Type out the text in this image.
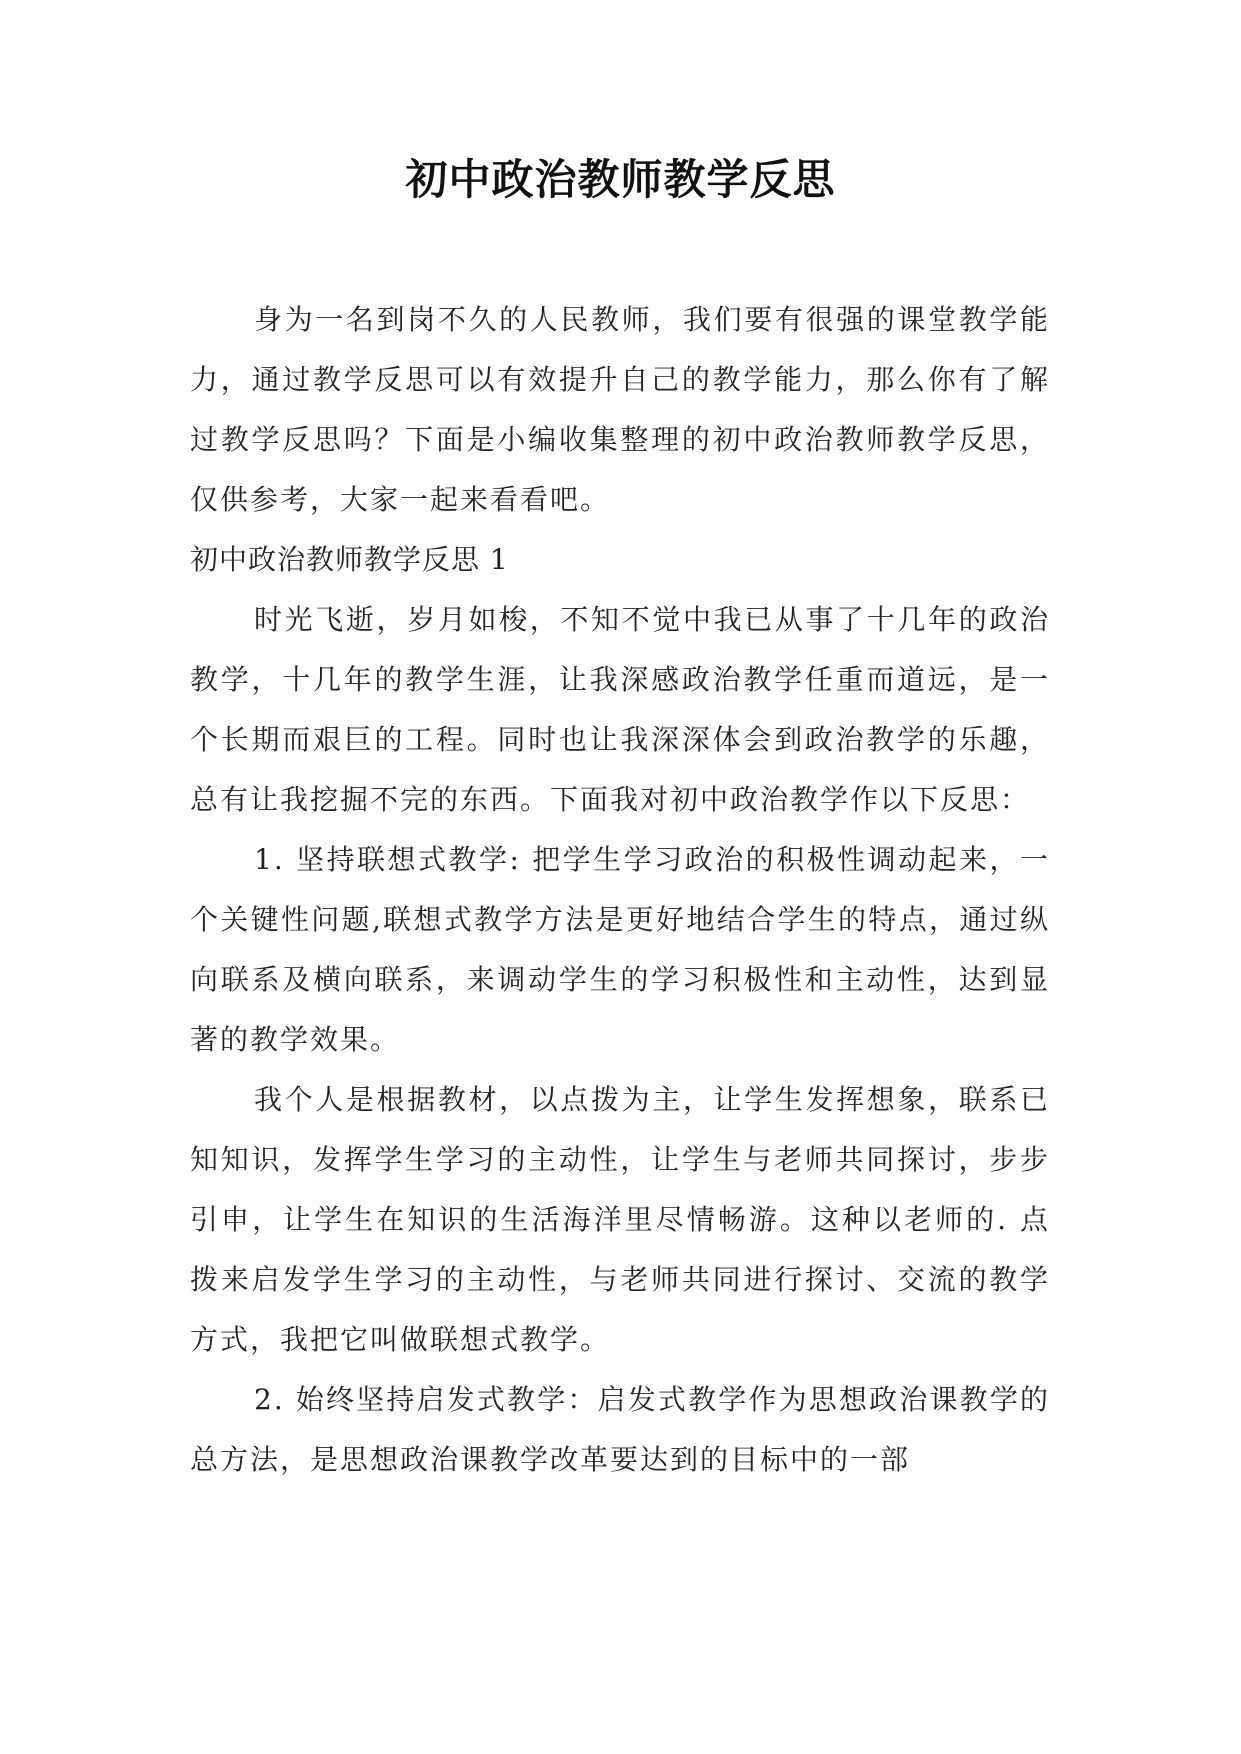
初中政治教师教学反思

身为一名到岗不久的人民教师，我们要有很强的课堂教学能力，通过教学反思可以有效提升自己的教学能力，那么你有了解过教学反思吗？下面是小编收集整理的初中政治教师教学反思，仅供参考，大家一起来看看吧。

初中政治教师教学反思 1

时光飞逝，岁月如梭，不知不觉中我已从事了十几年的政治教学，十几年的教学生涯，让我深感政治教学任重而道远，是一个长期而艰巨的工程。同时也让我深深体会到政治教学的乐趣，总有让我挖掘不完的东西。下面我对初中政治教学作以下反思：

1. 坚持联想式教学: 把学生学习政治的积极性调动起来，一个关键性问题,联想式教学方法是更好地结合学生的特点，通过纵向联系及横向联系，来调动学生的学习积极性和主动性，达到显著的教学效果。

我个人是根据教材，以点拨为主，让学生发挥想象，联系已知知识，发挥学生学习的主动性，让学生与老师共同探讨，步步引申，让学生在知识的生活海洋里尽情畅游。这种以老师的. 点拨来启发学生学习的主动性，与老师共同进行探讨、交流的教学方式，我把它叫做联想式教学。

2. 始终坚持启发式教学：启发式教学作为思想政治课教学的总方法，是思想政治课教学改革要达到的目标中的一部
